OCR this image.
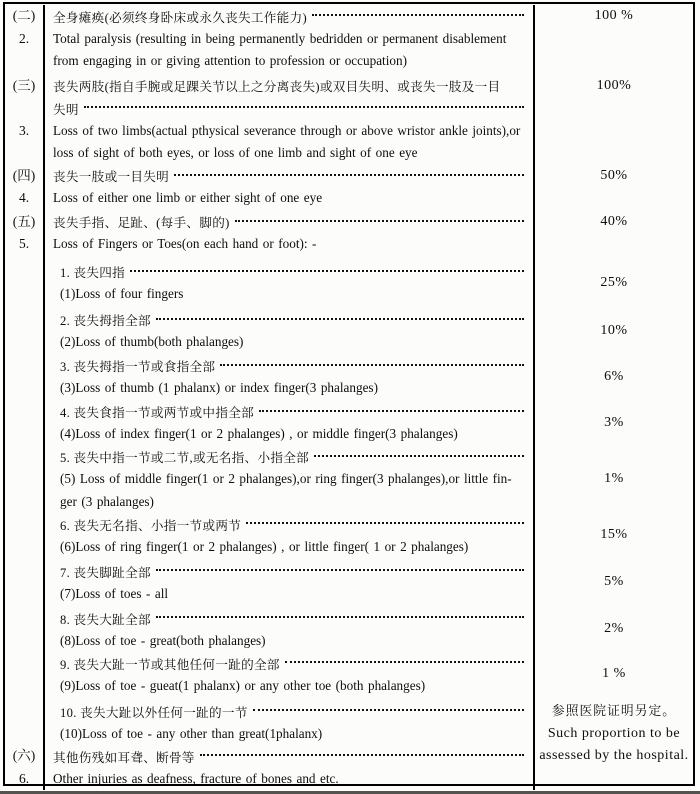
(二)
2.
全身瘫痪(必须终身卧床或永久丧失工作能力)
Total paralysis (resulting in being permanently bedridden or permanent disablement
from engaging in or giving attention to profession or occupation)
100 %
(三)
3.
丧失两肢(指自手腕或足踝关节以上之分离丧失)或双目失明、或丧失一肢及一目
失明
Loss of two limbs(actual pthysical severance through or above wristor ankle joints),or
loss of sight of both eyes, or loss of one limb and sight of one eye
100%
(四)
4.
丧失一肢或一目失明
Loss of either one limb or either sight of one eye
50%
(五)
5.
丧失手指、足趾、(每手、脚的)
Loss of Fingers or Toes(on each hand or foot): -
40%
1. 丧失四指
(1)Loss of four fingers
25%
2. 丧失拇指全部
(2)Loss of thumb(both phalanges)
10%
3. 丧失拇指一节或食指全部
(3)Loss of thumb (1 phalanx) or index finger(3 phalanges)
6%
4. 丧失食指一节或两节或中指全部
(4)Loss of index finger(1 or 2 phalanges) , or middle finger(3 phalanges)
3%
5. 丧失中指一节或二节,或无名指、小指全部
(5) Loss of middle finger(1 or 2 phalanges),or ring finger(3 phalanges),or little fin-
ger (3 phalanges)
1%
6. 丧失无名指、小指一节或两节
(6)Loss of ring finger(1 or 2 phalanges) , or little finger( 1 or 2 phalanges)
15%
7. 丧失脚趾全部
(7)Loss of toes - all
5%
8. 丧失大趾全部
(8)Loss of toe - great(both phalanges)
2%
9. 丧失大趾一节或其他任何一趾的全部
(9)Loss of toe - gueat(1 phalanx) or any other toe (both phalanges)
1 %
(六)
6.
10. 丧失大趾以外任何一趾的一节
(10)Loss of toe - any other than great(1phalanx)
其他伤残如耳聋、断骨等
Other injuries as deafness, fracture of bones and etc.
参照医院证明另定。
Such proportion to be
assessed by the hospital.
